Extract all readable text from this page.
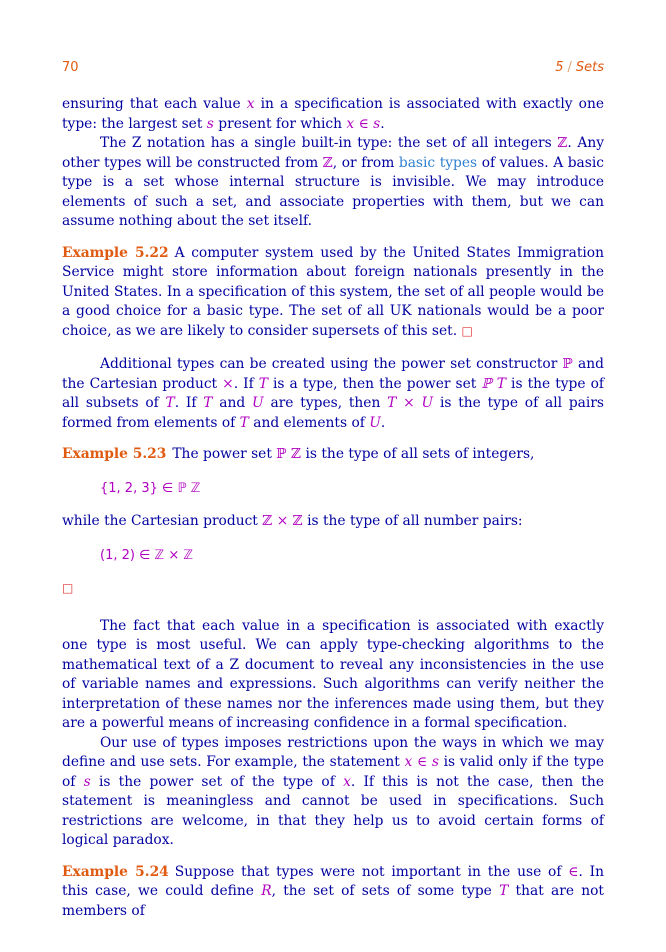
70	5 / Sets

ensuring that each value x in a specification is associated with exactly one type: the largest set s present for which x ∈ s.

The Z notation has a single built-in type: the set of all integers ℤ. Any other types will be constructed from ℤ, or from basic types of values. A basic type is a set whose internal structure is invisible. We may introduce elements of such a set, and associate properties with them, but we can assume nothing about the set itself.

Example 5.22 A computer system used by the United States Immigration Service might store information about foreign nationals presently in the United States. In a specification of this system, the set of all people would be a good choice for a basic type. The set of all UK nationals would be a poor choice, as we are likely to consider supersets of this set. □

Additional types can be created using the power set constructor ℙ and the Cartesian product ×. If T is a type, then the power set ℙ T is the type of all subsets of T. If T and U are types, then T × U is the type of all pairs formed from elements of T and elements of U.

Example 5.23 The power set ℙ ℤ is the type of all sets of integers,

{1, 2, 3} ∈ ℙ ℤ

while the Cartesian product ℤ × ℤ is the type of all number pairs:

(1, 2) ∈ ℤ × ℤ

□

The fact that each value in a specification is associated with exactly one type is most useful. We can apply type-checking algorithms to the mathematical text of a Z document to reveal any inconsistencies in the use of variable names and expressions. Such algorithms can verify neither the interpretation of these names nor the inferences made using them, but they are a powerful means of increasing confidence in a formal specification.

Our use of types imposes restrictions upon the ways in which we may define and use sets. For example, the statement x ∈ s is valid only if the type of s is the power set of the type of x. If this is not the case, then the statement is meaningless and cannot be used in specifications. Such restrictions are welcome, in that they help us to avoid certain forms of logical paradox.

Example 5.24 Suppose that types were not important in the use of ∈. In this case, we could define R, the set of sets of some type T that are not members of
